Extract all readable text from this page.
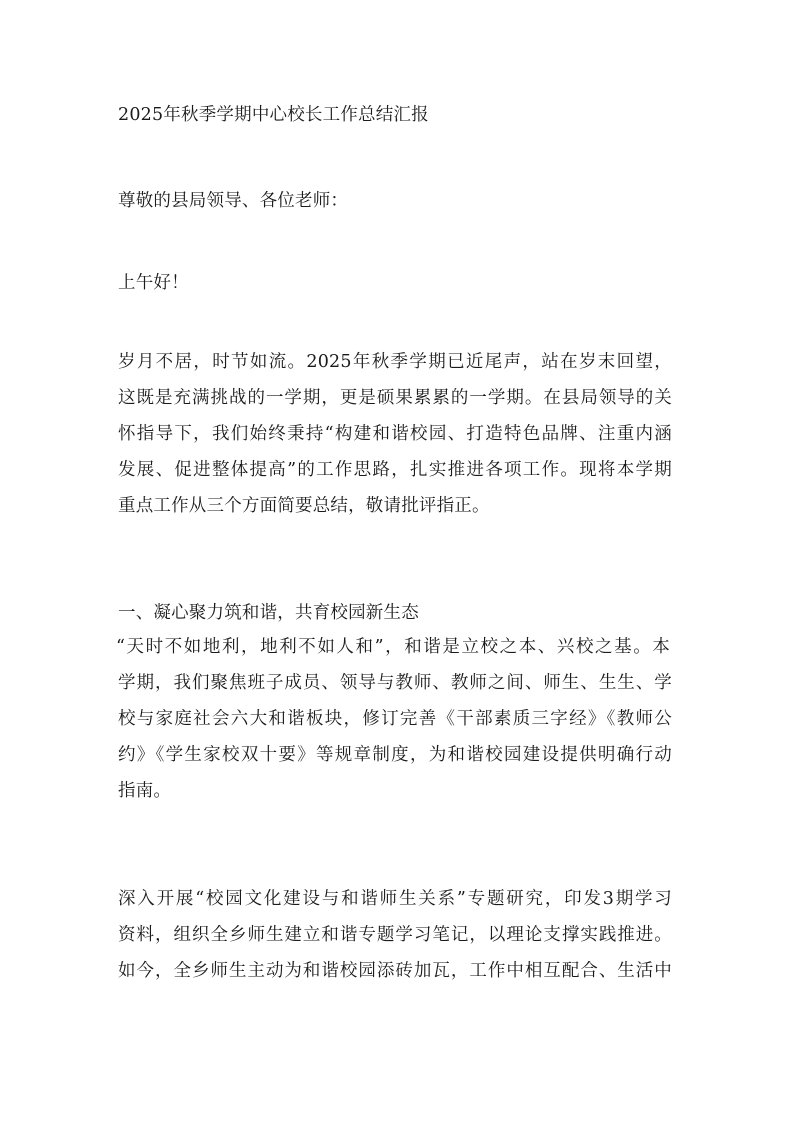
2025年秋季学期中心校长工作总结汇报
尊敬的县局领导、各位老师：
上午好！
岁月不居，时节如流。2025年秋季学期已近尾声，站在岁末回望，
这既是充满挑战的一学期，更是硕果累累的一学期。在县局领导的关
怀指导下，我们始终秉持“构建和谐校园、打造特色品牌、注重内涵
发展、促进整体提高”的工作思路，扎实推进各项工作。现将本学期
重点工作从三个方面简要总结，敬请批评指正。
一、凝心聚力筑和谐，共育校园新生态
“天时不如地利，地利不如人和”，和谐是立校之本、兴校之基。本
学期，我们聚焦班子成员、领导与教师、教师之间、师生、生生、学
校与家庭社会六大和谐板块，修订完善《干部素质三字经》《教师公
约》《学生家校双十要》等规章制度，为和谐校园建设提供明确行动
指南。
深入开展“校园文化建设与和谐师生关系”专题研究，印发3期学习
资料，组织全乡师生建立和谐专题学习笔记，以理论支撑实践推进。
如今，全乡师生主动为和谐校园添砖加瓦，工作中相互配合、生活中
